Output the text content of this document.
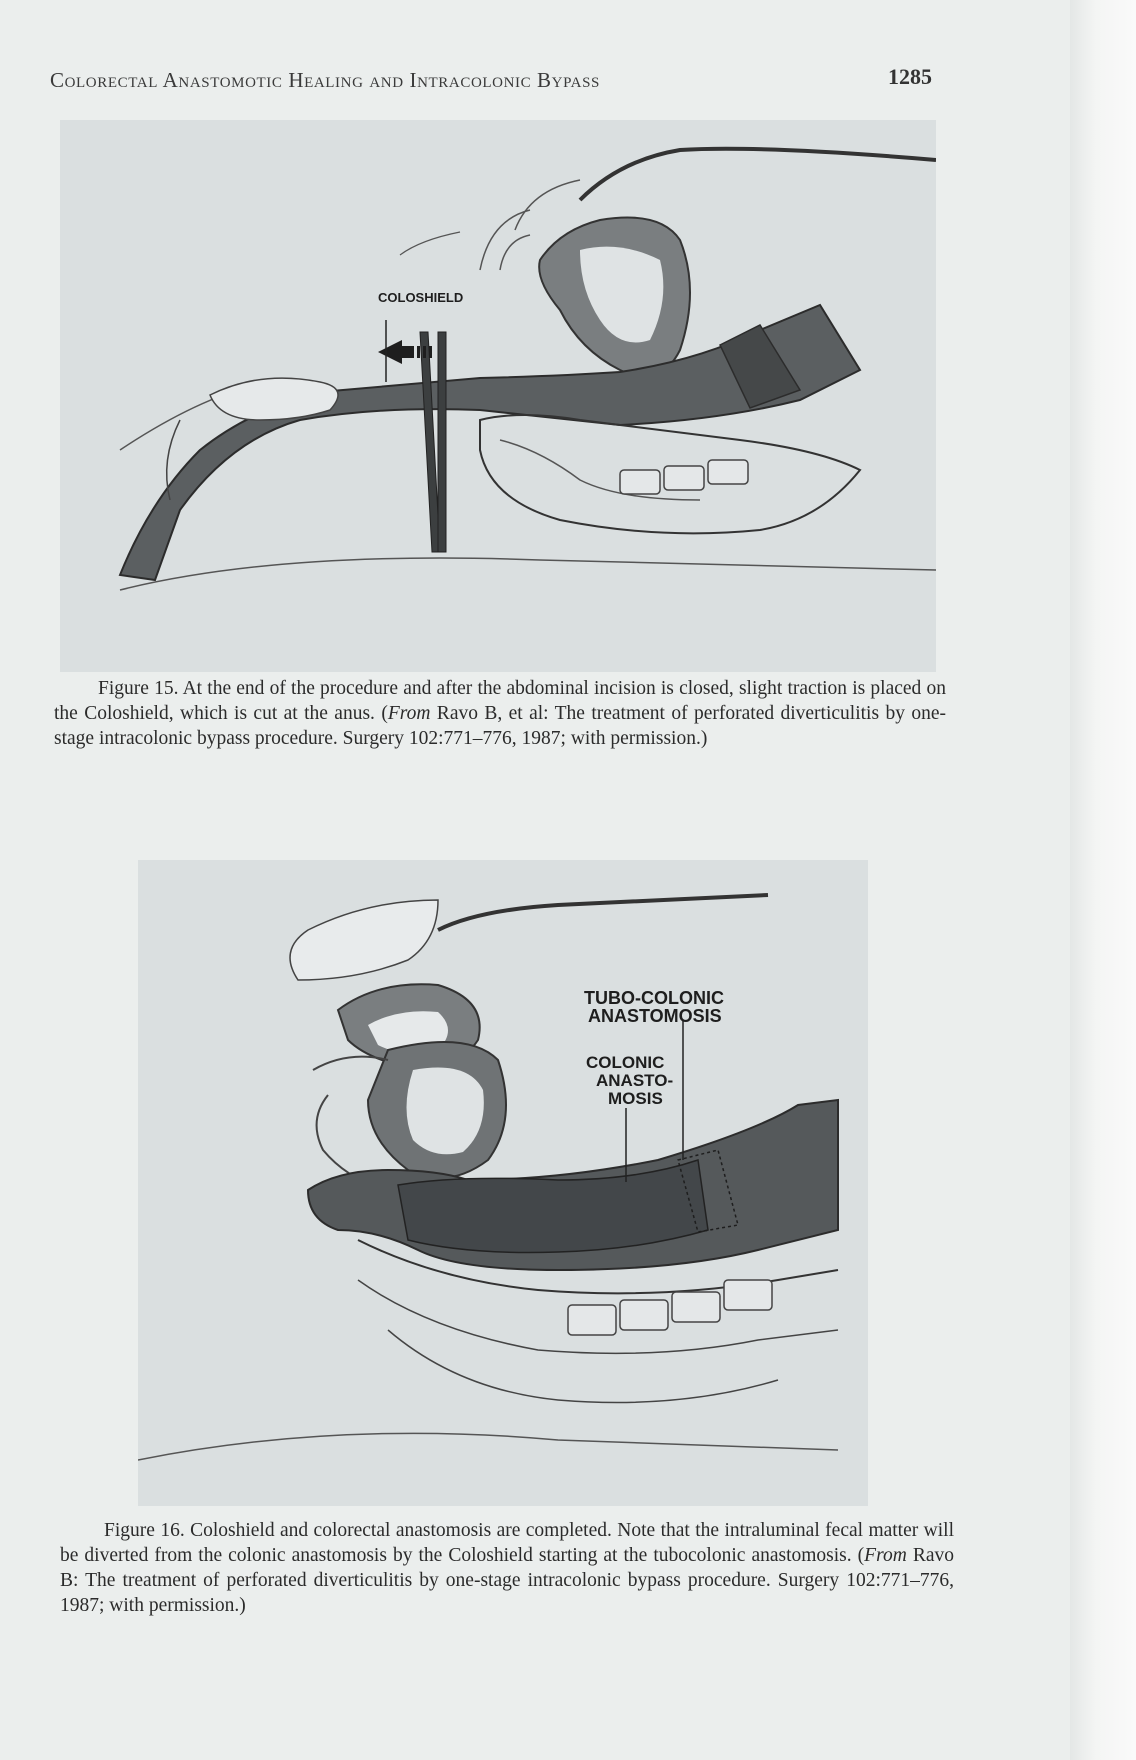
Colorectal Anastomotic Healing and Intracolonic Bypass	1285
COLOSHIELD
Figure 15. At the end of the procedure and after the abdominal incision is closed, slight traction is placed on the Coloshield, which is cut at the anus. (From Ravo B, et al: The treatment of perforated diverticulitis by one-stage intracolonic bypass procedure. Surgery 102:771–776, 1987; with permission.)
TUBO-COLONIC
ANASTOMOSIS
COLONIC
ANASTO-
MOSIS
Figure 16. Coloshield and colorectal anastomosis are completed. Note that the intraluminal fecal matter will be diverted from the colonic anastomosis by the Coloshield starting at the tubocolonic anastomosis. (From Ravo B: The treatment of perforated diverticulitis by one-stage intracolonic bypass procedure. Surgery 102:771–776, 1987; with permission.)
